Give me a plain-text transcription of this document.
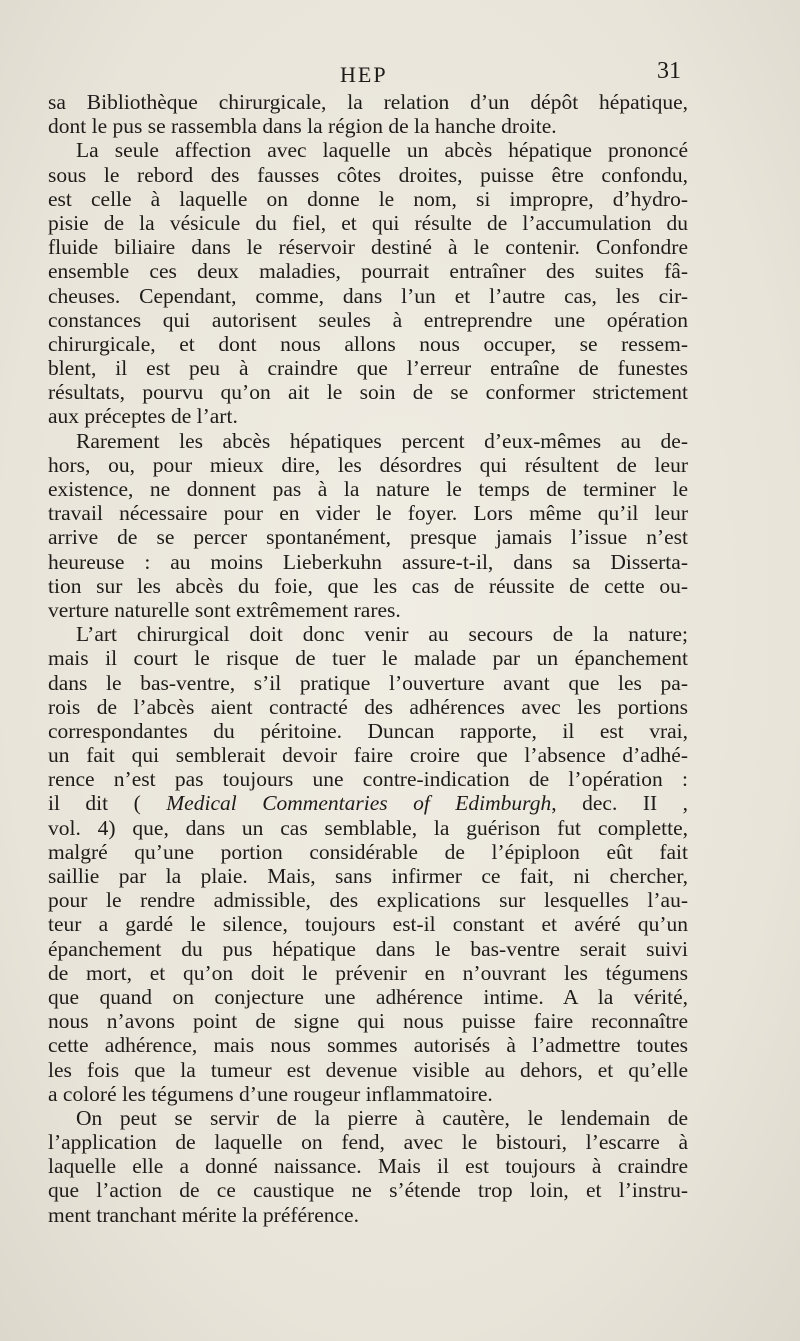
HEP	31
sa Bibliothèque chirurgicale, la relation d’un dépôt hépatique,
dont le pus se rassembla dans la région de la hanche droite.
La seule affection avec laquelle un abcès hépatique prononcé
sous le rebord des fausses côtes droites, puisse être confondu,
est celle à laquelle on donne le nom, si impropre, d’hydro-
pisie de la vésicule du fiel, et qui résulte de l’accumulation du
fluide biliaire dans le réservoir destiné à le contenir. Confondre
ensemble ces deux maladies, pourrait entraîner des suites fâ-
cheuses. Cependant, comme, dans l’un et l’autre cas, les cir-
constances qui autorisent seules à entreprendre une opération
chirurgicale, et dont nous allons nous occuper, se ressem-
blent, il est peu à craindre que l’erreur entraîne de funestes
résultats, pourvu qu’on ait le soin de se conformer strictement
aux préceptes de l’art.
Rarement les abcès hépatiques percent d’eux-mêmes au de-
hors, ou, pour mieux dire, les désordres qui résultent de leur
existence, ne donnent pas à la nature le temps de terminer le
travail nécessaire pour en vider le foyer. Lors même qu’il leur
arrive de se percer spontanément, presque jamais l’issue n’est
heureuse : au moins Lieberkuhn assure-t-il, dans sa Disserta-
tion sur les abcès du foie, que les cas de réussite de cette ou-
verture naturelle sont extrêmement rares.
L’art chirurgical doit donc venir au secours de la nature;
mais il court le risque de tuer le malade par un épanchement
dans le bas-ventre, s’il pratique l’ouverture avant que les pa-
rois de l’abcès aient contracté des adhérences avec les portions
correspondantes du péritoine. Duncan rapporte, il est vrai,
un fait qui semblerait devoir faire croire que l’absence d’adhé-
rence n’est pas toujours une contre-indication de l’opération :
il dit ( Medical Commentaries of Edimburgh, dec. II ,
vol. 4) que, dans un cas semblable, la guérison fut complette,
malgré qu’une portion considérable de l’épiploon eût fait
saillie par la plaie. Mais, sans infirmer ce fait, ni chercher,
pour le rendre admissible, des explications sur lesquelles l’au-
teur a gardé le silence, toujours est-il constant et avéré qu’un
épanchement du pus hépatique dans le bas-ventre serait suivi
de mort, et qu’on doit le prévenir en n’ouvrant les tégumens
que quand on conjecture une adhérence intime. A la vérité,
nous n’avons point de signe qui nous puisse faire reconnaître
cette adhérence, mais nous sommes autorisés à l’admettre toutes
les fois que la tumeur est devenue visible au dehors, et qu’elle
a coloré les tégumens d’une rougeur inflammatoire.
On peut se servir de la pierre à cautère, le lendemain de
l’application de laquelle on fend, avec le bistouri, l’escarre à
laquelle elle a donné naissance. Mais il est toujours à craindre
que l’action de ce caustique ne s’étende trop loin, et l’instru-
ment tranchant mérite la préférence.
